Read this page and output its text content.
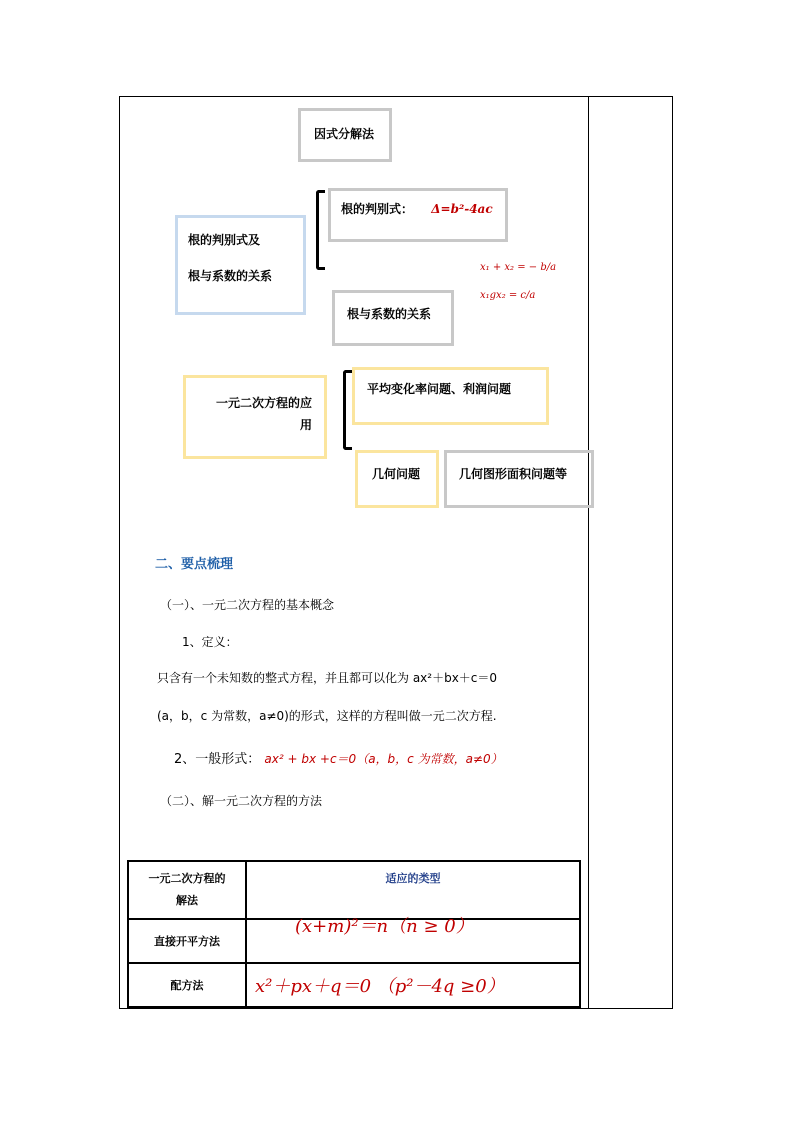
因式分解法
根的判别式及
根与系数的关系
根的判别式： Δ=b²-4ac
x₁ + x₂ = − b/a
x₁gx₂ = c/a
根与系数的关系
一元二次方程的应
用
平均变化率问题、利润问题
几何问题	几何图形面积问题等
二、要点梳理
（一）、一元二次方程的基本概念
1、定义：
只含有一个未知数的整式方程，并且都可以化为 ax²＋bx＋c＝0
(a，b，c 为常数，a≠0)的形式，这样的方程叫做一元二次方程.
2、一般形式： ax² + bx +c＝0（a，b，c 为常数，a≠0）
（二）、解一元二次方程的方法
一元二次方程的
解法	适应的类型
直接开平方法	(x+m)²＝n（n ≥ 0）

配方法	x²＋px＋q＝0 （p²－4q ≥0）
